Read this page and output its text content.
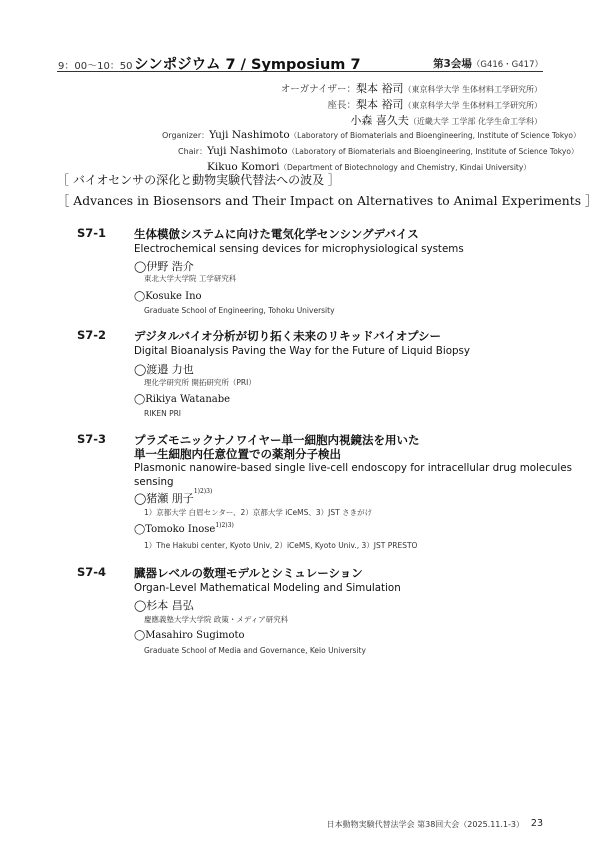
9：00～10：50 シンポジウム 7 / Symposium 7	第3会場（G416・G417）
オーガナイザー：梨本 裕司（東京科学大学 生体材料工学研究所）
座長：梨本 裕司（東京科学大学 生体材料工学研究所）
小森 喜久夫（近畿大学 工学部 化学生命工学科）
Organizer：Yuji Nashimoto（Laboratory of Biomaterials and Bioengineering, Institute of Science Tokyo）
Chair：Yuji Nashimoto（Laboratory of Biomaterials and Bioengineering, Institute of Science Tokyo）
Kikuo Komori（Department of Biotechnology and Chemistry, Kindai University）
［ バイオセンサの深化と動物実験代替法への波及 ］
［ Advances in Biosensors and Their Impact on Alternatives to Animal Experiments ］
S7-1 生体模倣システムに向けた電気化学センシングデバイス
Electrochemical sensing devices for microphysiological systems
◯伊野 浩介
東北大学大学院 工学研究科
◯Kosuke Ino
Graduate School of Engineering, Tohoku University
S7-2 デジタルバイオ分析が切り拓く未来のリキッドバイオプシー
Digital Bioanalysis Paving the Way for the Future of Liquid Biopsy
◯渡邉 力也
理化学研究所 開拓研究所（PRI）
◯Rikiya Watanabe
RIKEN PRI
S7-3 プラズモニックナノワイヤー単一細胞内視鏡法を用いた
単一生細胞内任意位置での薬剤分子検出
Plasmonic nanowire-based single live-cell endoscopy for intracellular drug molecules
sensing
◯猪瀬 朋子$^{1)2)3)}$
1）京都大学 白眉センター、2）京都大学 iCeMS、3）JST さきがけ
◯Tomoko Inose$^{1)2)3)}$
1）The Hakubi center, Kyoto Univ, 2）iCeMS, Kyoto Univ., 3）JST PRESTO
S7-4 臓器レベルの数理モデルとシミュレーション
Organ-Level Mathematical Modeling and Simulation
◯杉本 昌弘
慶應義塾大学大学院 政策・メディア研究科
◯Masahiro Sugimoto
Graduate School of Media and Governance, Keio University
日本動物実験代替法学会 第38回大会（2025.11.1-3） 23
